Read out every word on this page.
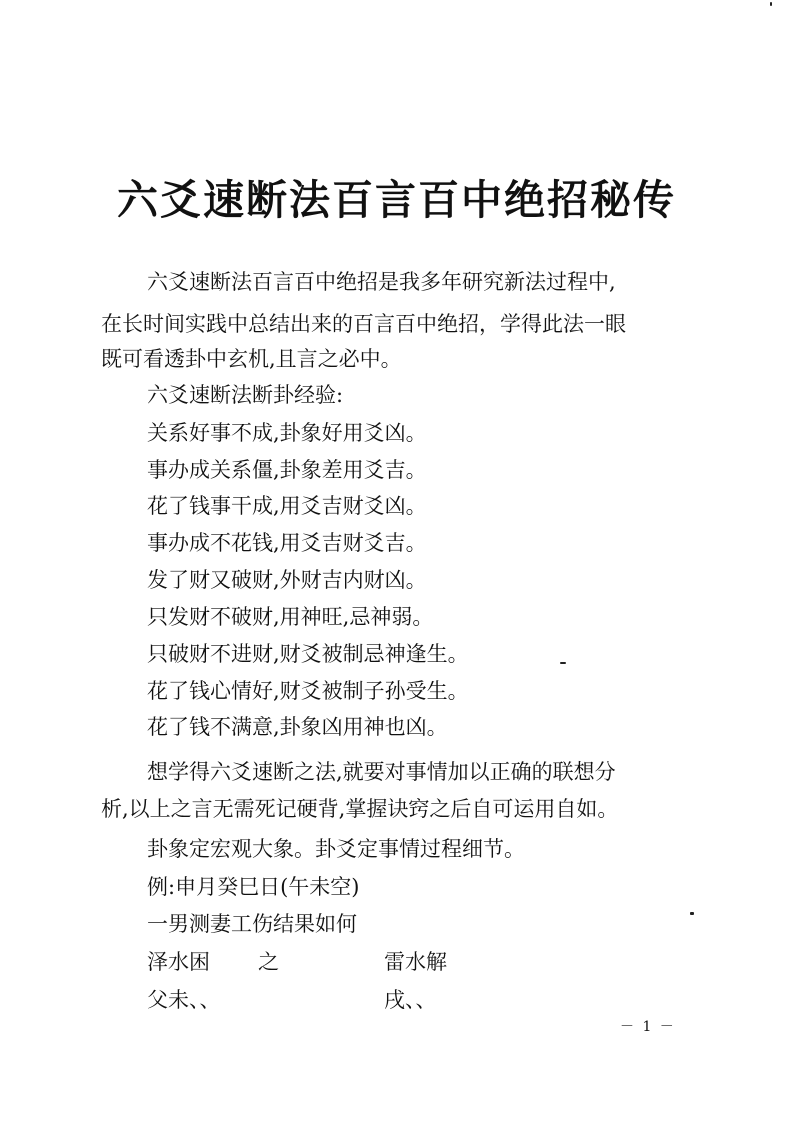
六爻速断法百言百中绝招秘传
六爻速断法百言百中绝招是我多年研究新法过程中,
在长时间实践中总结出来的百言百中绝招，学得此法一眼
既可看透卦中玄机,且言之必中。
六爻速断法断卦经验:
关系好事不成,卦象好用爻凶。
事办成关系僵,卦象差用爻吉。
花了钱事干成,用爻吉财爻凶。
事办成不花钱,用爻吉财爻吉。
发了财又破财,外财吉内财凶。
只发财不破财,用神旺,忌神弱。
只破财不进财,财爻被制忌神逢生。
花了钱心情好,财爻被制子孙受生。
花了钱不满意,卦象凶用神也凶。
想学得六爻速断之法,就要对事情加以正确的联想分
析,以上之言无需死记硬背,掌握诀窍之后自可运用自如。
卦象定宏观大象。卦爻定事情过程细节。
例:申月癸巳日(午未空)
一男测妻工伤结果如何
泽水困 之	雷水解
父未、、	戌、、
－ 1 －
